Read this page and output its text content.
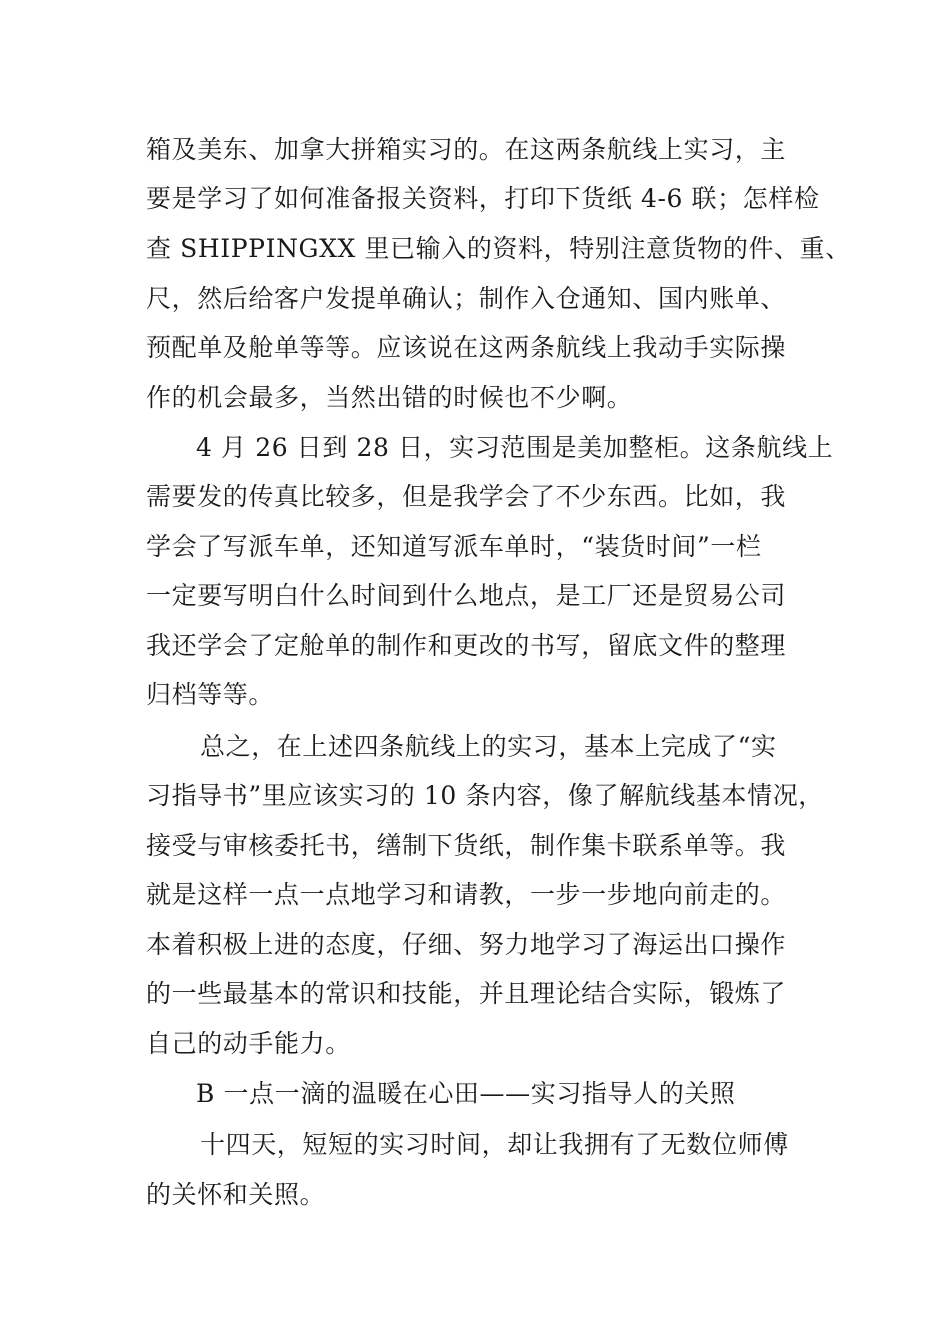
箱及美东、加拿大拼箱实习的。在这两条航线上实习，主

要是学习了如何准备报关资料，打印下货纸 4-6 联；怎样检

查 SHIPPINGXX 里已输入的资料，特别注意货物的件、重、

尺，然后给客户发提单确认；制作入仓通知、国内账单、

预配单及舱单等等。应该说在这两条航线上我动手实际操

作的机会最多，当然出错的时候也不少啊。

4 月 26 日到 28 日，实习范围是美加整柜。这条航线上

需要发的传真比较多，但是我学会了不少东西。比如，我

学会了写派车单，还知道写派车单时，“装货时间”一栏

一定要写明白什么时间到什么地点，是工厂还是贸易公司

我还学会了定舱单的制作和更改的书写，留底文件的整理

归档等等。

总之，在上述四条航线上的实习，基本上完成了“实

习指导书”里应该实习的 10 条内容，像了解航线基本情况，

接受与审核委托书，缮制下货纸，制作集卡联系单等。我

就是这样一点一点地学习和请教，一步一步地向前走的。

本着积极上进的态度，仔细、努力地学习了海运出口操作

的一些最基本的常识和技能，并且理论结合实际，锻炼了

自己的动手能力。

B 一点一滴的温暖在心田——实习指导人的关照

十四天，短短的实习时间，却让我拥有了无数位师傅

的关怀和关照。
